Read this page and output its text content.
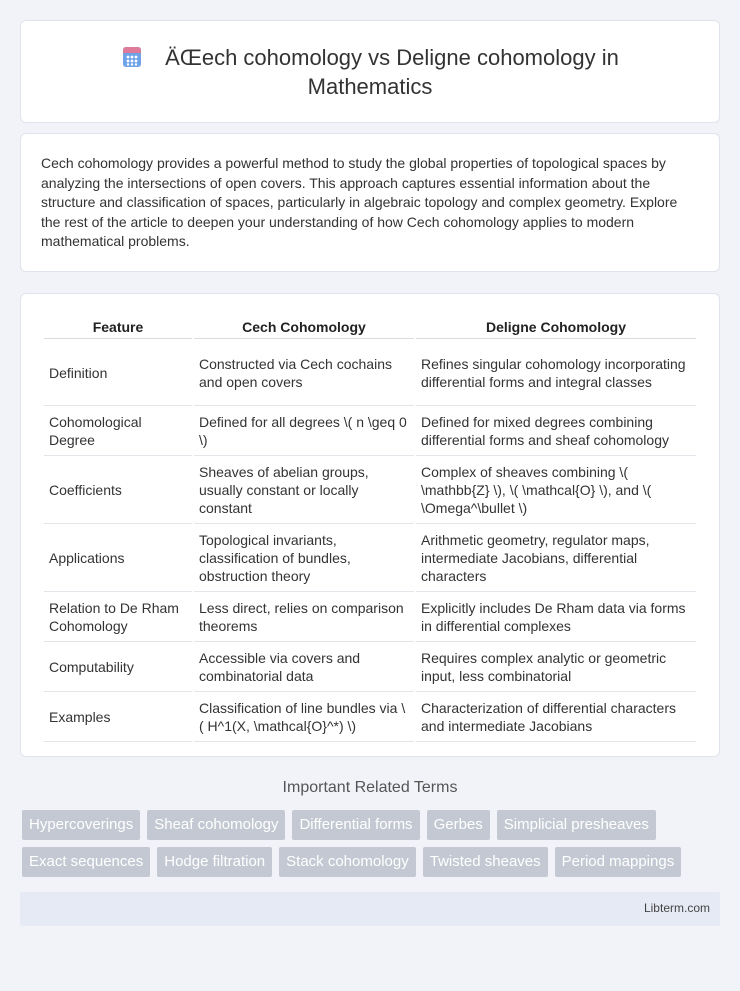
ÄŒech cohomology vs Deligne cohomology in Mathematics

Cech cohomology provides a powerful method to study the global properties of topological spaces by analyzing the intersections of open covers. This approach captures essential information about the structure and classification of spaces, particularly in algebraic topology and complex geometry. Explore the rest of the article to deepen your understanding of how Cech cohomology applies to modern mathematical problems.

Feature	Cech Cohomology	Deligne Cohomology
Definition	Constructed via Cech cochains and open covers	Refines singular cohomology incorporating differential forms and integral classes
Cohomological Degree	Defined for all degrees \( n \geq 0 \)	Defined for mixed degrees combining differential forms and sheaf cohomology
Coefficients	Sheaves of abelian groups, usually constant or locally constant	Complex of sheaves combining \( \mathbb{Z} \), \( \mathcal{O} \), and \( \Omega^\bullet \)
Applications	Topological invariants, classification of bundles, obstruction theory	Arithmetic geometry, regulator maps, intermediate Jacobians, differential characters
Relation to De Rham Cohomology	Less direct, relies on comparison theorems	Explicitly includes De Rham data via forms in differential complexes
Computability	Accessible via covers and combinatorial data	Requires complex analytic or geometric input, less combinatorial
Examples	Classification of line bundles via \( H^1(X, \mathcal{O}^*) \)	Characterization of differential characters and intermediate Jacobians
Important Related Terms
Hypercoverings	Sheaf cohomology	Differential forms	Gerbes	Simplicial presheaves
Exact sequences	Hodge filtration	Stack cohomology	Twisted sheaves	Period mappings
Libterm.com
